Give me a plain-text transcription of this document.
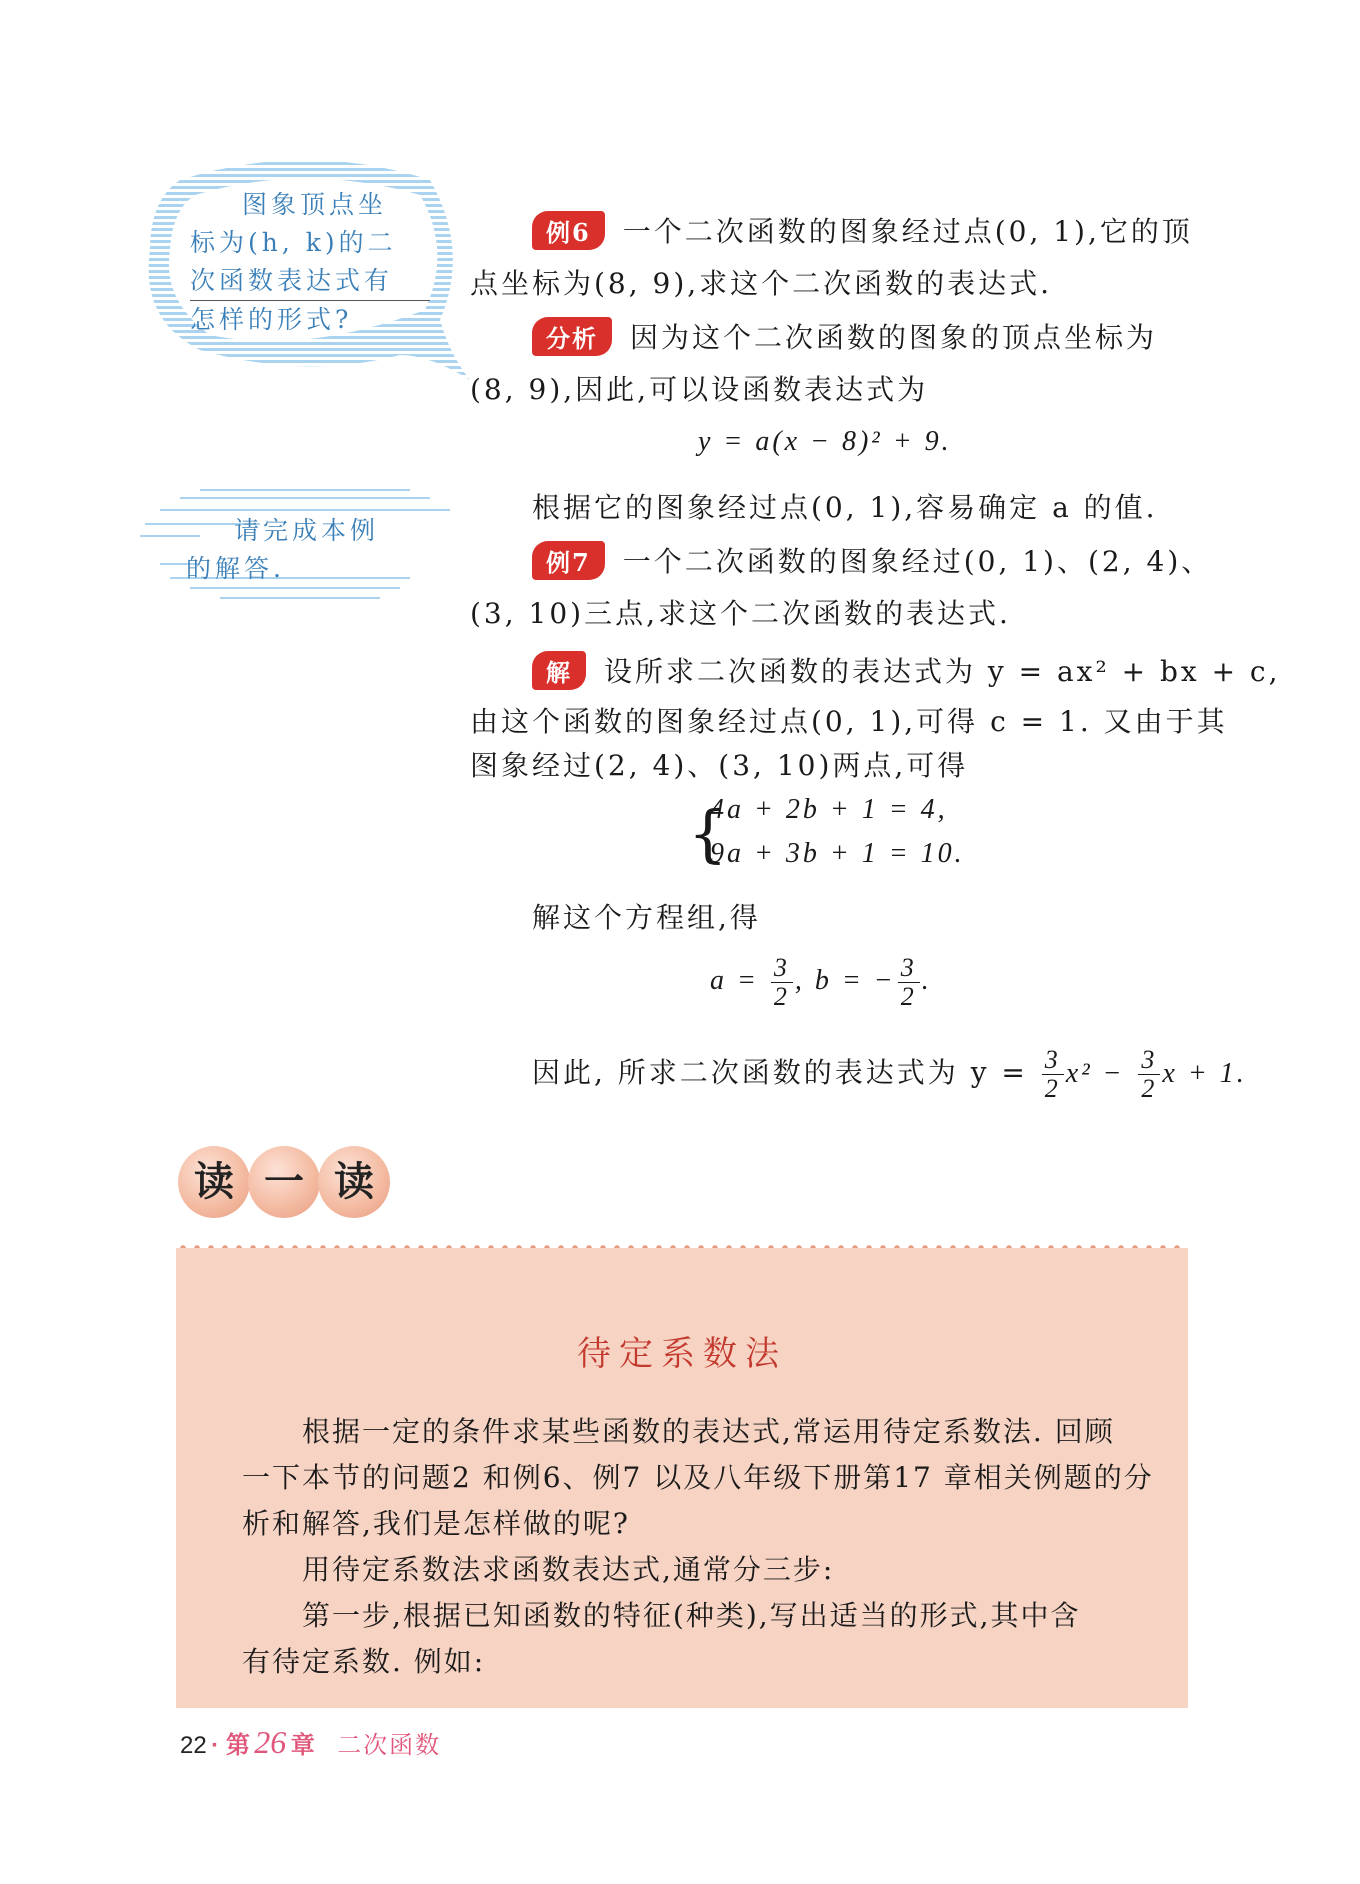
图象顶点坐
标为(h, k)的二
次函数表达式有
怎样的形式?
请完成本例
的解答.
例6 一个二次函数的图象经过点(0, 1),它的顶
点坐标为(8, 9),求这个二次函数的表达式.
分析 因为这个二次函数的图象的顶点坐标为
(8, 9),因此,可以设函数表达式为
y = a(x − 8)² + 9.
根据它的图象经过点(0, 1),容易确定 a 的值.
例7 一个二次函数的图象经过(0, 1)、(2, 4)、
(3, 10)三点,求这个二次函数的表达式.
解 设所求二次函数的表达式为 y = ax² + bx + c,
由这个函数的图象经过点(0, 1),可得 c = 1. 又由于其
图象经过(2, 4)、(3, 10)两点,可得
{
4a + 2b + 1 = 4,
9a + 3b + 1 = 10.
解这个方程组,得
$a = \frac{3}{2}$ , b = − $\frac{3}{2}$ .
因此, 所求二次函数的表达式为 $y = \frac{3}{2} x^2 - \frac{3}{2}$ x + 1.
读 一 读
待定系数法
根据一定的条件求某些函数的表达式,常运用待定系数法. 回顾
一下本节的问题2 和例6、例7 以及八年级下册第17 章相关例题的分
析和解答,我们是怎样做的呢?
用待定系数法求函数表达式,通常分三步:
第一步,根据已知函数的特征(种类),写出适当的形式,其中含
有待定系数. 例如:
22 · 第 26 章 二次函数
